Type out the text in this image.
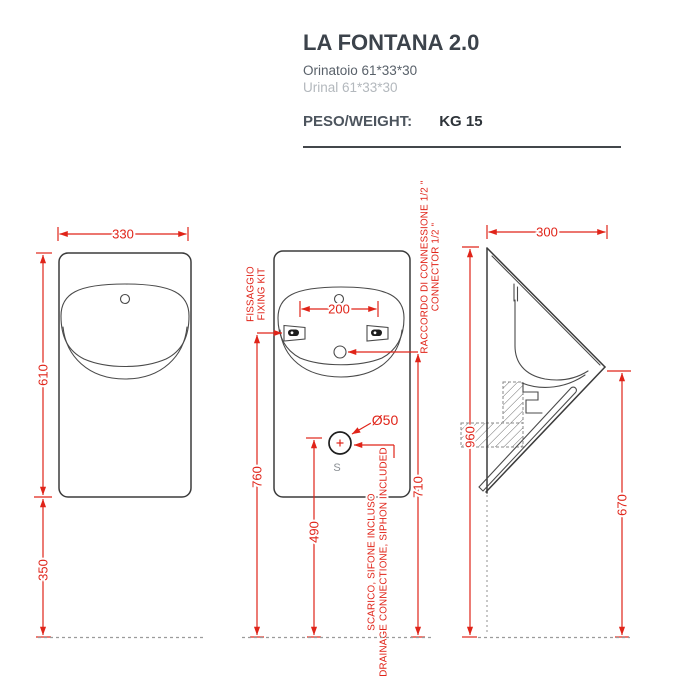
LA FONTANA 2.0

Orinatoio 61*33*30

Urinal 61*33*30

PESO/WEIGHT: KG 15
330
610
350
200
FISSAGGIO FIXING KIT	RACCORDO DI CONNESSIONE 1/2 " CONNECTOR 1/2 "
760	710
Ø50
S
SCARICO, SIFONE INCLUSO DRAINAGE CONNECTIONE, SIPHON INCLUDED
490
300
960
670
